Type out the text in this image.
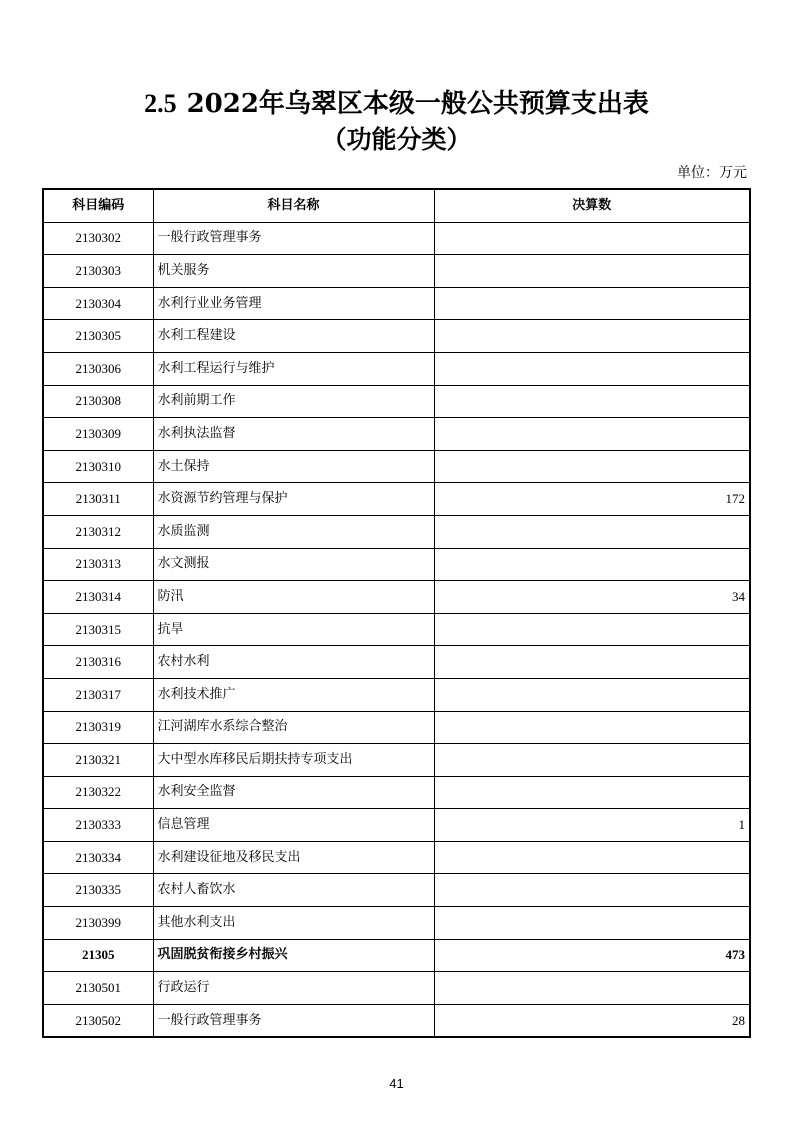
2.5 2022年乌翠区本级一般公共预算支出表
（功能分类）
单位：万元
科目编码	科目名称	决算数
2130302	一般行政管理事务	
2130303	机关服务	
2130304	水利行业业务管理	
2130305	水利工程建设	
2130306	水利工程运行与维护	
2130308	水利前期工作	
2130309	水利执法监督	
2130310	水土保持	
2130311	水资源节约管理与保护	172
2130312	水质监测	
2130313	水文测报	
2130314	防汛	34
2130315	抗旱	
2130316	农村水利	
2130317	水利技术推广	
2130319	江河湖库水系综合整治	
2130321	大中型水库移民后期扶持专项支出	
2130322	水利安全监督	
2130333	信息管理	1
2130334	水利建设征地及移民支出	
2130335	农村人畜饮水	
2130399	其他水利支出	
21305	巩固脱贫衔接乡村振兴	473
2130501	行政运行	
2130502	一般行政管理事务	28
41
